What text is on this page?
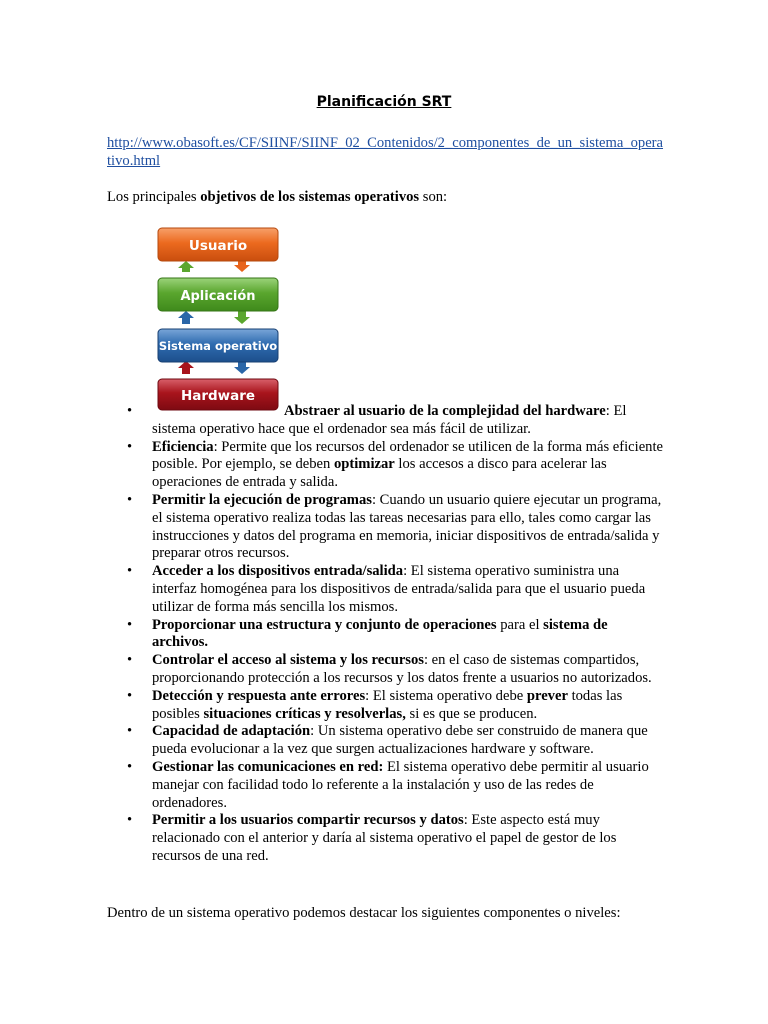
Planificación SRT
http://www.obasoft.es/CF/SIINF/SIINF_02_Contenidos/2_componentes_de_un_sistema_operativo.html
Los principales objetivos de los sistemas operativos son:
Usuario
Aplicación
Sistema operativo
Hardware
•	Abstraer al usuario de la complejidad del hardware: El sistema operativo hace que el ordenador sea más fácil de utilizar.
• Eficiencia: Permite que los recursos del ordenador se utilicen de la forma más eficiente posible. Por ejemplo, se deben optimizar los accesos a disco para acelerar las operaciones de entrada y salida.
• Permitir la ejecución de programas: Cuando un usuario quiere ejecutar un programa, el sistema operativo realiza todas las tareas necesarias para ello, tales como cargar las instrucciones y datos del programa en memoria, iniciar dispositivos de entrada/salida y preparar otros recursos.
• Acceder a los dispositivos entrada/salida: El sistema operativo suministra una interfaz homogénea para los dispositivos de entrada/salida para que el usuario pueda utilizar de forma más sencilla los mismos.
• Proporcionar una estructura y conjunto de operaciones para el sistema de archivos.
• Controlar el acceso al sistema y los recursos: en el caso de sistemas compartidos, proporcionando protección a los recursos y los datos frente a usuarios no autorizados.
• Detección y respuesta ante errores: El sistema operativo debe prever todas las posibles situaciones críticas y resolverlas, si es que se producen.
• Capacidad de adaptación: Un sistema operativo debe ser construido de manera que pueda evolucionar a la vez que surgen actualizaciones hardware y software.
• Gestionar las comunicaciones en red: El sistema operativo debe permitir al usuario manejar con facilidad todo lo referente a la instalación y uso de las redes de ordenadores.
• Permitir a los usuarios compartir recursos y datos: Este aspecto está muy relacionado con el anterior y daría al sistema operativo el papel de gestor de los recursos de una red.
Dentro de un sistema operativo podemos destacar los siguientes componentes o niveles:
